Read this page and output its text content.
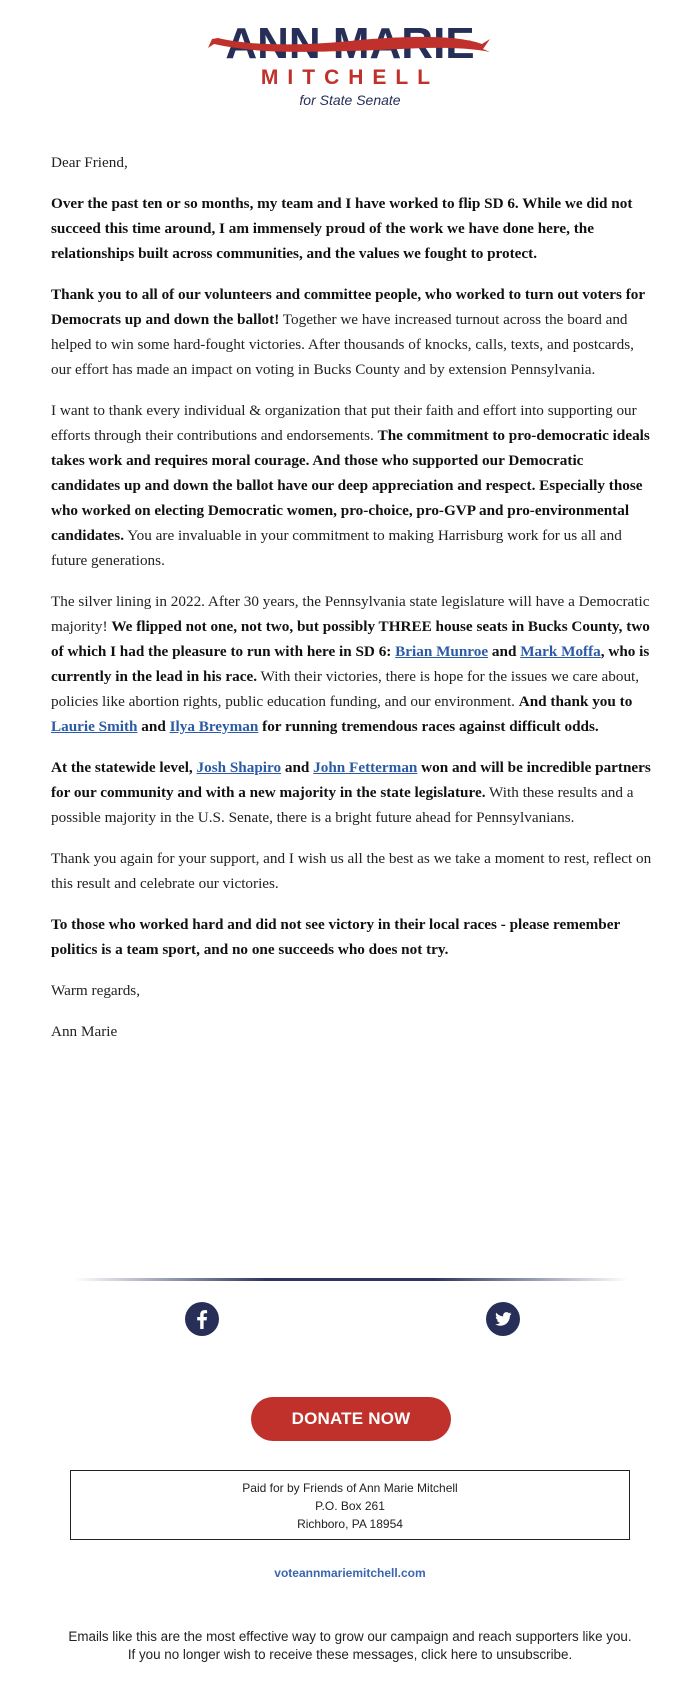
MITCHELL
for State Senate

Dear Friend,

Over the past ten or so months, my team and I have worked to flip SD 6. While we did not succeed this time around, I am immensely proud of the work we have done here, the relationships built across communities, and the values we fought to protect.

Thank you to all of our volunteers and committee people, who worked to turn out voters for Democrats up and down the ballot! Together we have increased turnout across the board and helped to win some hard-fought victories. After thousands of knocks, calls, texts, and postcards, our effort has made an impact on voting in Bucks County and by extension Pennsylvania.

I want to thank every individual & organization that put their faith and effort into supporting our efforts through their contributions and endorsements. The commitment to pro-democratic ideals takes work and requires moral courage. And those who supported our Democratic candidates up and down the ballot have our deep appreciation and respect. Especially those who worked on electing Democratic women, pro-choice, pro-GVP and pro-environmental candidates. You are invaluable in your commitment to making Harrisburg work for us all and future generations.

The silver lining in 2022. After 30 years, the Pennsylvania state legislature will have a Democratic majority! We flipped not one, not two, but possibly THREE house seats in Bucks County, two of which I had the pleasure to run with here in SD 6: Brian Munroe and Mark Moffa, who is currently in the lead in his race. With their victories, there is hope for the issues we care about, policies like abortion rights, public education funding, and our environment. And thank you to Laurie Smith and Ilya Breyman for running tremendous races against difficult odds.

At the statewide level, Josh Shapiro and John Fetterman won and will be incredible partners for our community and with a new majority in the state legislature. With these results and a possible majority in the U.S. Senate, there is a bright future ahead for Pennsylvanians.

Thank you again for your support, and I wish us all the best as we take a moment to rest, reflect on this result and celebrate our victories.

To those who worked hard and did not see victory in their local races - please remember politics is a team sport, and no one succeeds who does not try.

Warm regards,

Ann Marie

DONATE NOW
Paid for by Friends of Ann Marie Mitchell
P.O. Box 261
Richboro, PA 18954
voteannmariemitchell.com
Emails like this are the most effective way to grow our campaign and reach supporters like you.
If you no longer wish to receive these messages, click here to unsubscribe.
